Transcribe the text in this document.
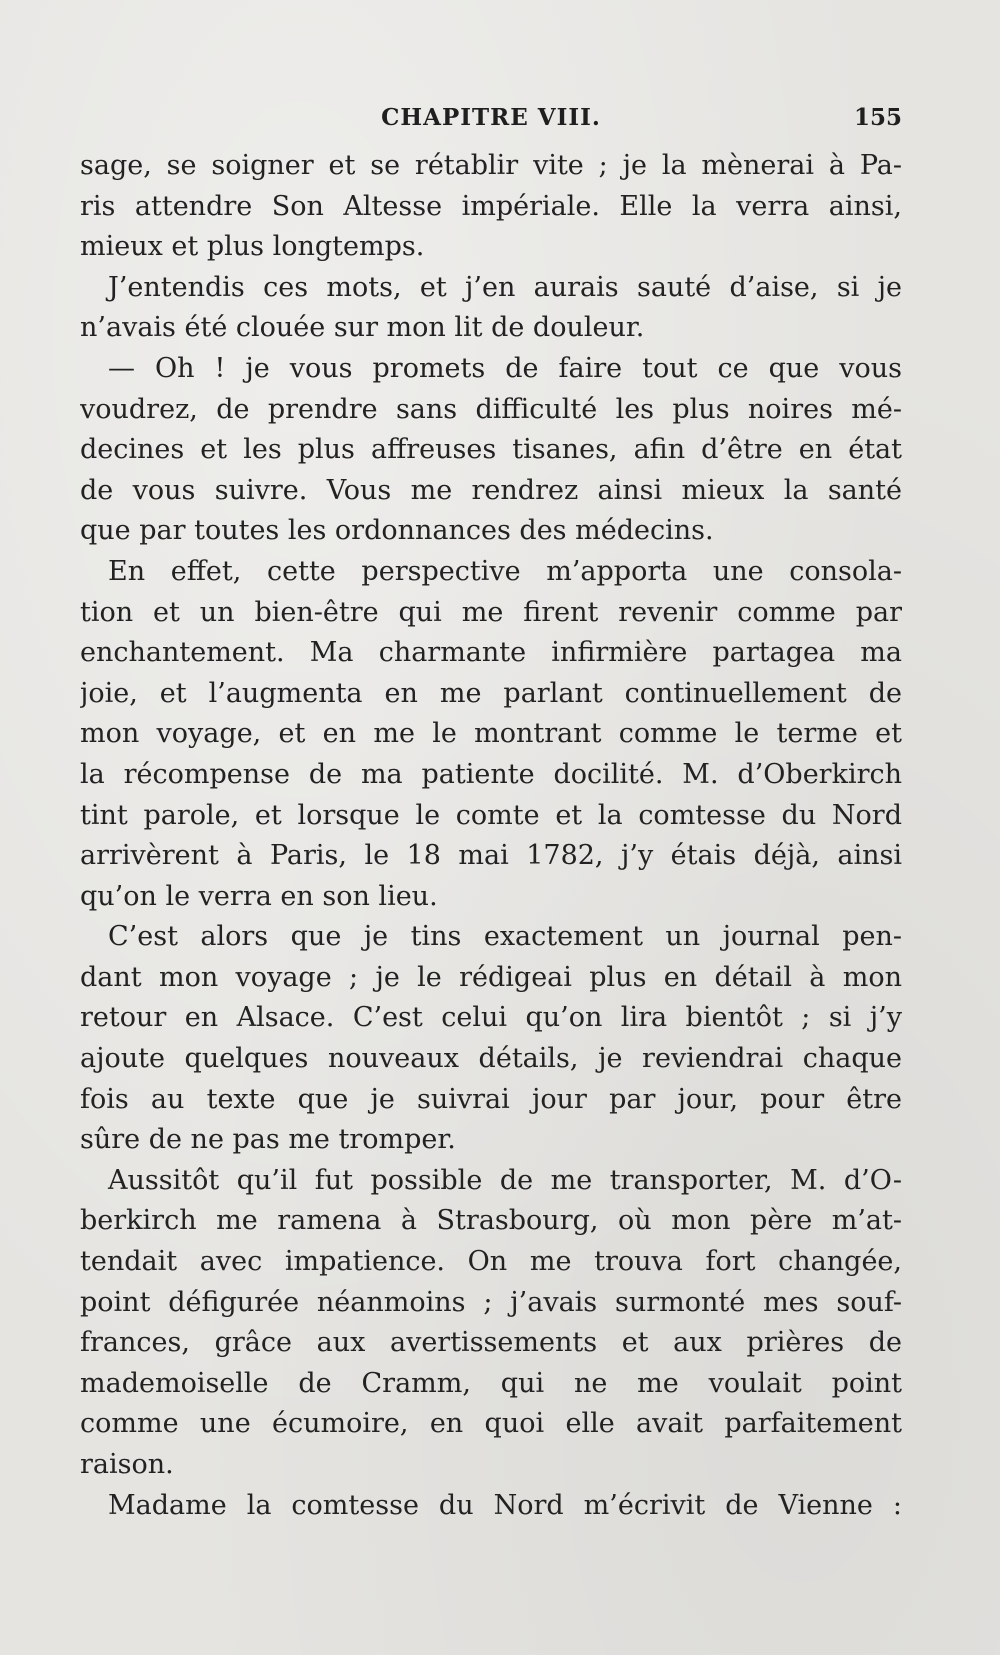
CHAPITRE VIII.	155
sage, se soigner et se rétablir vite ; je la mènerai à Pa-
ris attendre Son Altesse impériale. Elle la verra ainsi,
mieux et plus longtemps.
J’entendis ces mots, et j’en aurais sauté d’aise, si je
n’avais été clouée sur mon lit de douleur.
— Oh ! je vous promets de faire tout ce que vous
voudrez, de prendre sans difficulté les plus noires mé-
decines et les plus affreuses tisanes, afin d’être en état
de vous suivre. Vous me rendrez ainsi mieux la santé
que par toutes les ordonnances des médecins.
En effet, cette perspective m’apporta une consola-
tion et un bien-être qui me firent revenir comme par
enchantement. Ma charmante infirmière partagea ma
joie, et l’augmenta en me parlant continuellement de
mon voyage, et en me le montrant comme le terme et
la récompense de ma patiente docilité. M. d’Oberkirch
tint parole, et lorsque le comte et la comtesse du Nord
arrivèrent à Paris, le 18 mai 1782, j’y étais déjà, ainsi
qu’on le verra en son lieu.
C’est alors que je tins exactement un journal pen-
dant mon voyage ; je le rédigeai plus en détail à mon
retour en Alsace. C’est celui qu’on lira bientôt ; si j’y
ajoute quelques nouveaux détails, je reviendrai chaque
fois au texte que je suivrai jour par jour, pour être
sûre de ne pas me tromper.
Aussitôt qu’il fut possible de me transporter, M. d’O-
berkirch me ramena à Strasbourg, où mon père m’at-
tendait avec impatience. On me trouva fort changée,
point défigurée néanmoins ; j’avais surmonté mes souf-
frances, grâce aux avertissements et aux prières de
mademoiselle de Cramm, qui ne me voulait point
comme une écumoire, en quoi elle avait parfaitement
raison.
Madame la comtesse du Nord m’écrivit de Vienne :
